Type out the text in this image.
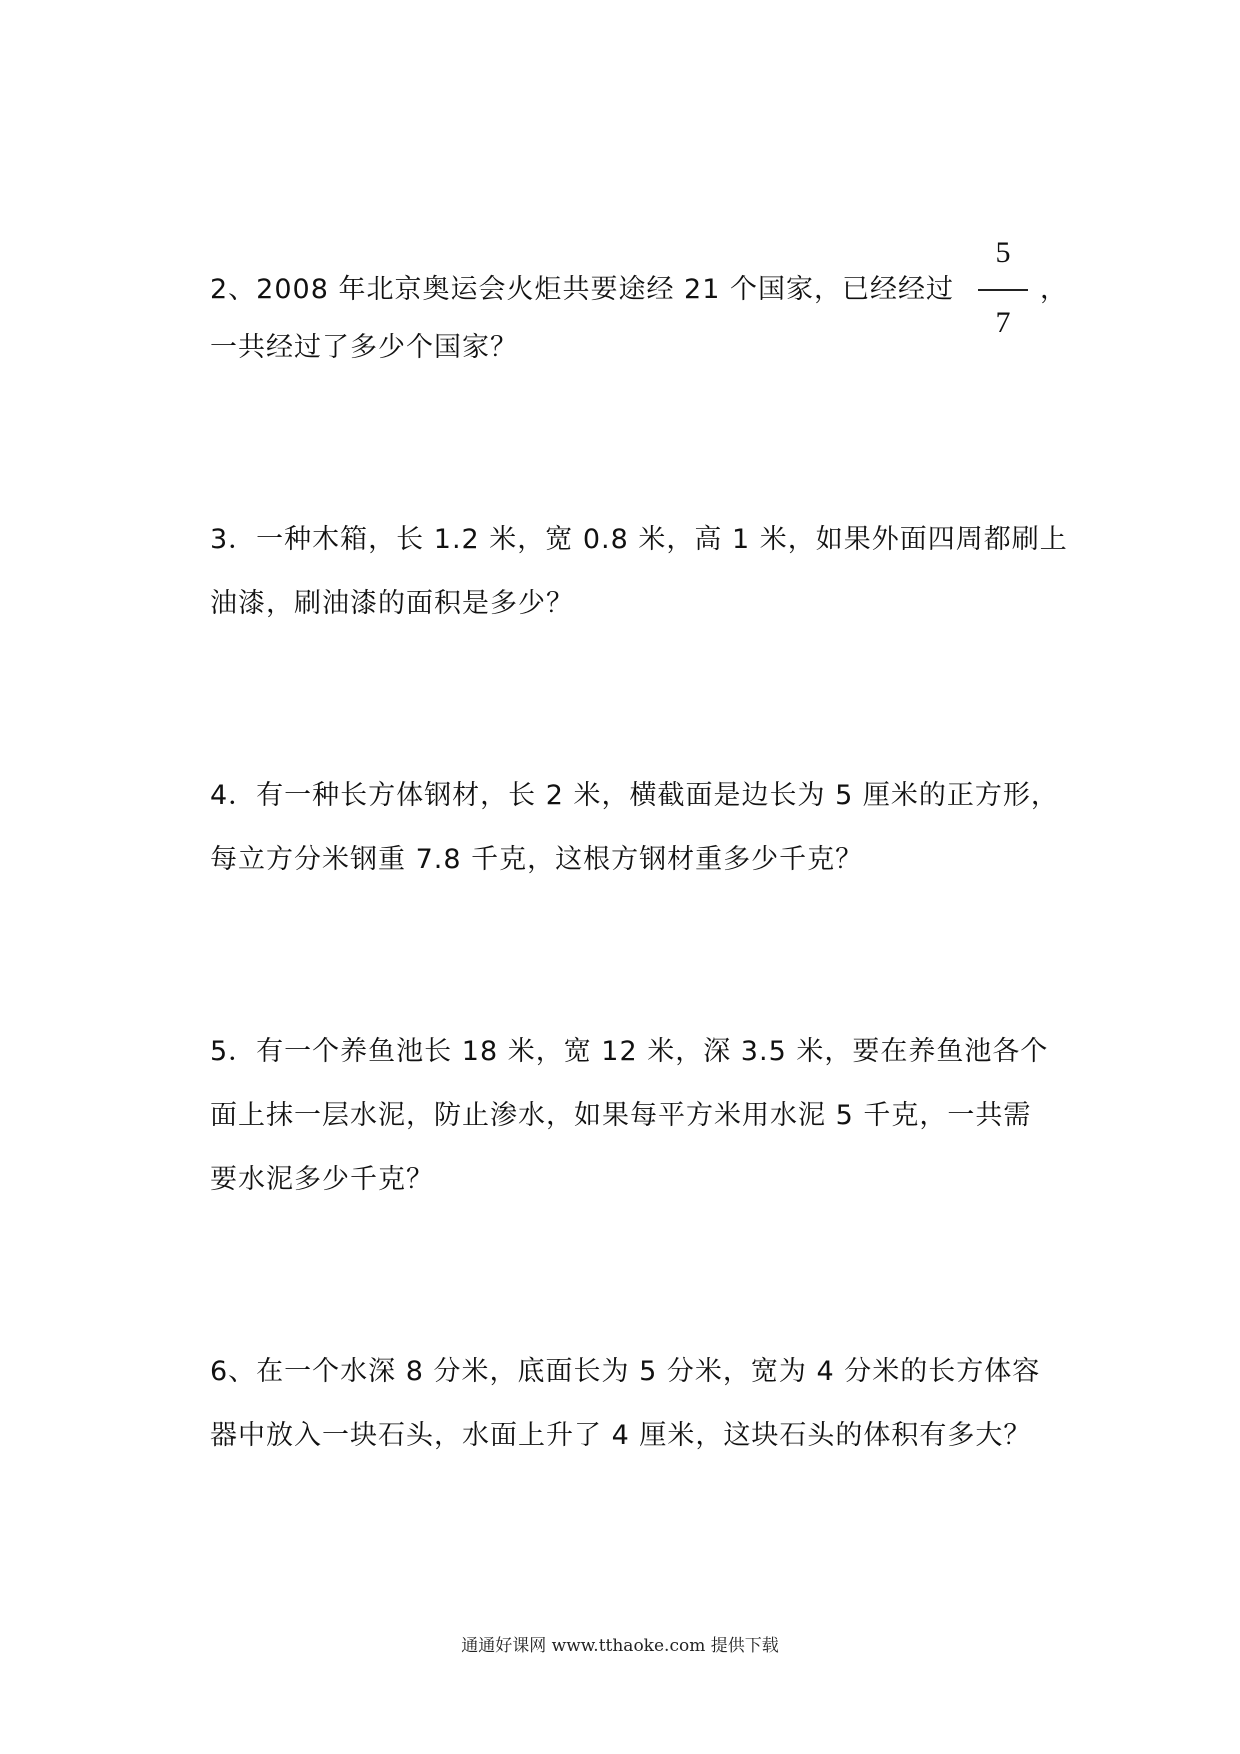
2、2008 年北京奥运会火炬共要途经 21 个国家，已经经过
5
7
，
一共经过了多少个国家？
3．一种木箱，长 1.2 米，宽 0.8 米，高 1 米，如果外面四周都刷上
油漆，刷油漆的面积是多少？
4．有一种长方体钢材，长 2 米，横截面是边长为 5 厘米的正方形，
每立方分米钢重 7.8 千克，这根方钢材重多少千克？
5．有一个养鱼池长 18 米，宽 12 米，深 3.5 米，要在养鱼池各个
面上抹一层水泥，防止渗水，如果每平方米用水泥 5 千克，一共需
要水泥多少千克？
6、在一个水深 8 分米，底面长为 5 分米，宽为 4 分米的长方体容
器中放入一块石头，水面上升了 4 厘米，这块石头的体积有多大？
通通好课网 www.tthaoke.com 提供下载
